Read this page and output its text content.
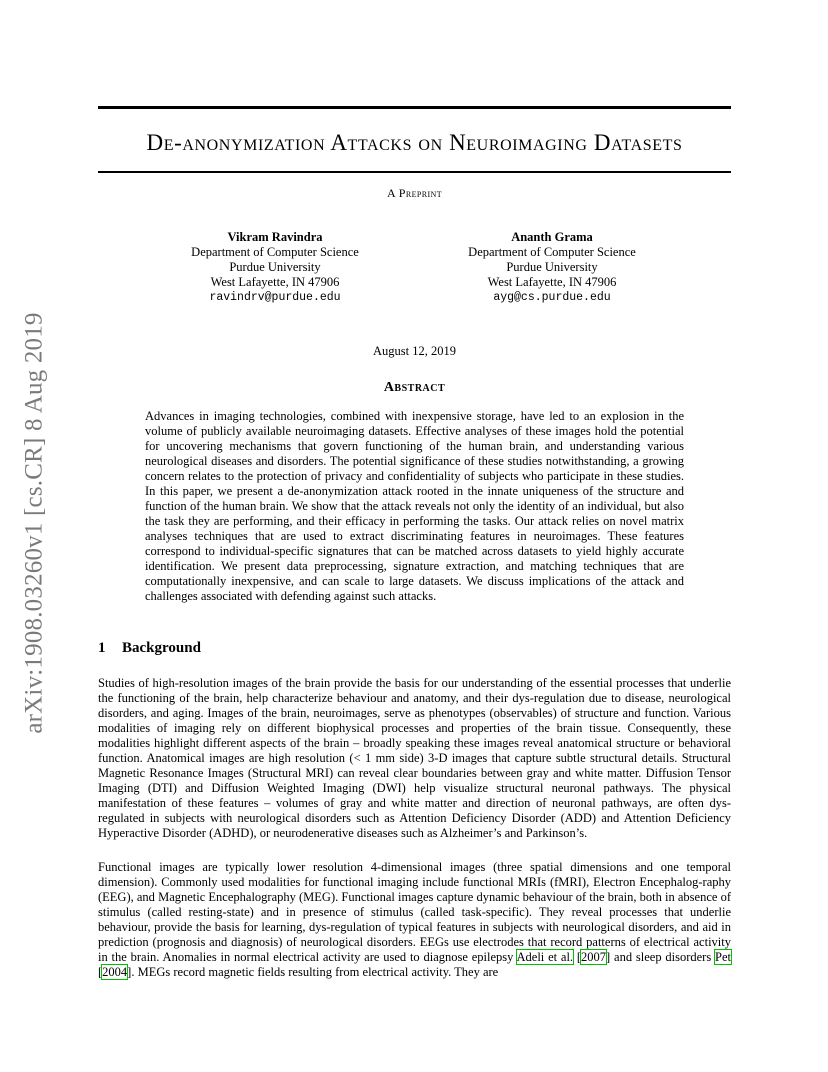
arXiv:1908.03260v1 [cs.CR] 8 Aug 2019
De-anonymization Attacks on Neuroimaging Datasets
A Preprint
Vikram Ravindra
Department of Computer Science
Purdue University
West Lafayette, IN 47906
ravindrv@purdue.edu
Ananth Grama
Department of Computer Science
Purdue University
West Lafayette, IN 47906
ayg@cs.purdue.edu
August 12, 2019
Abstract

Advances in imaging technologies, combined with inexpensive storage, have led to an explosion in the volume of publicly available neuroimaging datasets. Effective analyses of these images hold the potential for uncovering mechanisms that govern functioning of the human brain, and understanding various neurological diseases and disorders. The potential significance of these studies notwithstanding, a growing concern relates to the protection of privacy and confidentiality of subjects who participate in these studies. In this paper, we present a de-anonymization attack rooted in the innate uniqueness of the structure and function of the human brain. We show that the attack reveals not only the identity of an individual, but also the task they are performing, and their efficacy in performing the tasks. Our attack relies on novel matrix analyses techniques that are used to extract discriminating features in neuroimages. These features correspond to individual-specific signatures that can be matched across datasets to yield highly accurate identification. We present data preprocessing, signature extraction, and matching techniques that are computationally inexpensive, and can scale to large datasets. We discuss implications of the attack and challenges associated with defending against such attacks.

1 Background

Studies of high-resolution images of the brain provide the basis for our understanding of the essential processes that underlie the functioning of the brain, help characterize behaviour and anatomy, and their dys-regulation due to disease, neurological disorders, and aging. Images of the brain, neuroimages, serve as phenotypes (observables) of structure and function. Various modalities of imaging rely on different biophysical processes and properties of the brain tissue. Consequently, these modalities highlight different aspects of the brain – broadly speaking these images reveal anatomical structure or behavioral function. Anatomical images are high resolution (< 1 mm side) 3-D images that capture subtle structural details. Structural Magnetic Resonance Images (Structural MRI) can reveal clear boundaries between gray and white matter. Diffusion Tensor Imaging (DTI) and Diffusion Weighted Imaging (DWI) help visualize structural neuronal pathways. The physical manifestation of these features – volumes of gray and white matter and direction of neuronal pathways, are often dys-regulated in subjects with neurological disorders such as Attention Deficiency Disorder (ADD) and Attention Deficiency Hyperactive Disorder (ADHD), or neurodenerative diseases such as Alzheimer’s and Parkinson’s.

Functional images are typically lower resolution 4-dimensional images (three spatial dimensions and one temporal dimension). Commonly used modalities for functional imaging include functional MRIs (fMRI), Electron Encephalog-raphy (EEG), and Magnetic Encephalography (MEG). Functional images capture dynamic behaviour of the brain, both in absence of stimulus (called resting-state) and in presence of stimulus (called task-specific). They reveal processes that underlie behaviour, provide the basis for learning, dys-regulation of typical features in subjects with neurological disorders, and aid in prediction (prognosis and diagnosis) of neurological disorders. EEGs use electrodes that record patterns of electrical activity in the brain. Anomalies in normal electrical activity are used to diagnose epilepsy Adeli et al. [2007] and sleep disorders Pet [2004]. MEGs record magnetic fields resulting from electrical activity. They are
